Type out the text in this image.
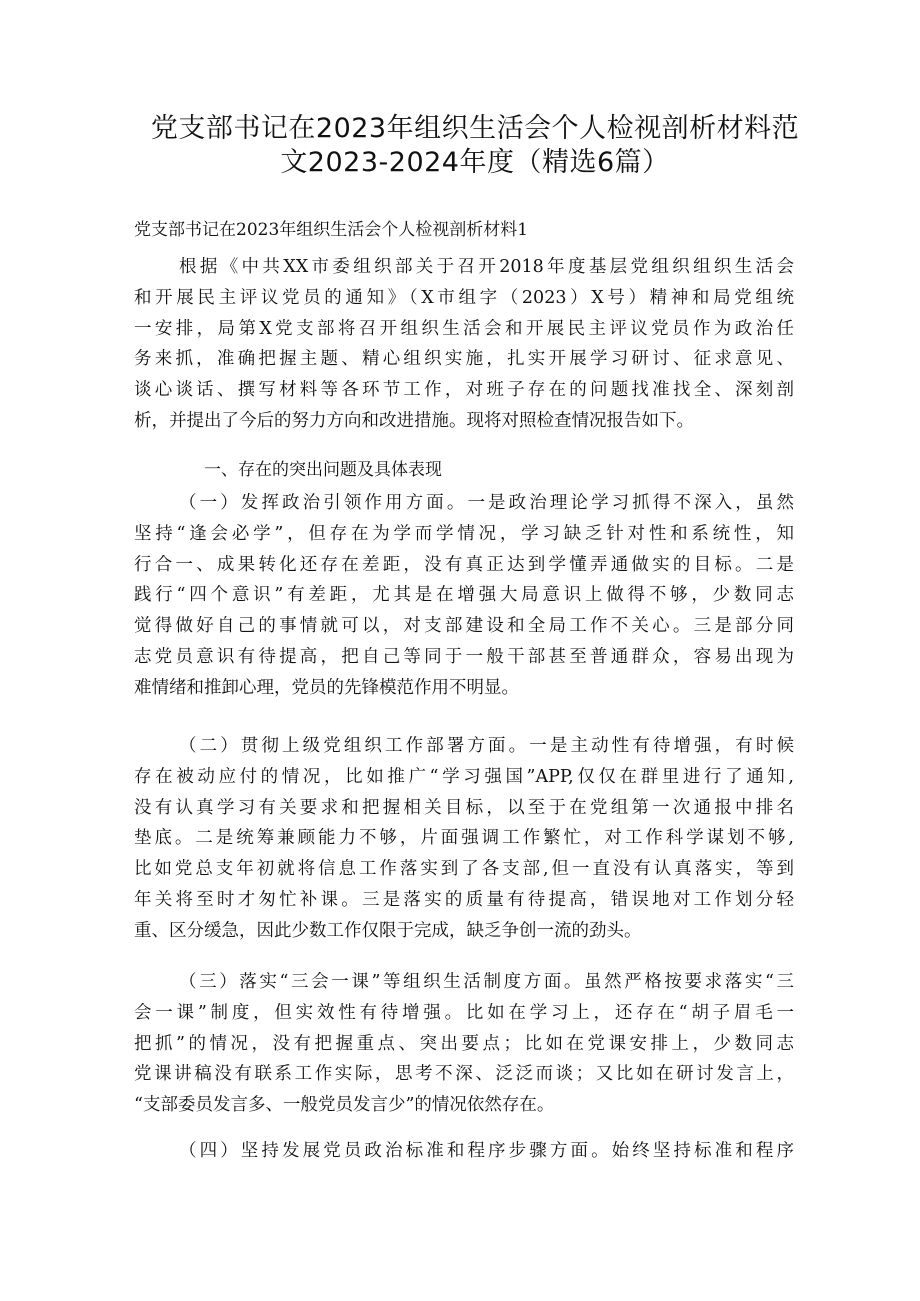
党支部书记在2023年组织生活会个人检视剖析材料范
文2023-2024年度（精选6篇）

党支部书记在2023年组织生活会个人检视剖析材料1

根据《中共XX市委组织部关于召开2018年度基层党组织组织生活会
和开展民主评议党员的通知》（X市组字（2023）X号）精神和局党组统
一安排，局第X党支部将召开组织生活会和开展民主评议党员作为政治任
务来抓，准确把握主题、精心组织实施，扎实开展学习研讨、征求意见、
谈心谈话、撰写材料等各环节工作，对班子存在的问题找准找全、深刻剖
析，并提出了今后的努力方向和改进措施。现将对照检查情况报告如下。

一、存在的突出问题及具体表现

（一）发挥政治引领作用方面。一是政治理论学习抓得不深入，虽然
坚持“逢会必学”，但存在为学而学情况，学习缺乏针对性和系统性，知
行合一、成果转化还存在差距，没有真正达到学懂弄通做实的目标。二是
践行“四个意识”有差距，尤其是在增强大局意识上做得不够，少数同志
觉得做好自己的事情就可以，对支部建设和全局工作不关心。三是部分同
志党员意识有待提高，把自己等同于一般干部甚至普通群众，容易出现为
难情绪和推卸心理，党员的先锋模范作用不明显。
（二）贯彻上级党组织工作部署方面。一是主动性有待增强，有时候
存在被动应付的情况，比如推广“学习强国”APP,仅仅在群里进行了通知,
没有认真学习有关要求和把握相关目标，以至于在党组第一次通报中排名
垫底。二是统筹兼顾能力不够，片面强调工作繁忙，对工作科学谋划不够,
比如党总支年初就将信息工作落实到了各支部,但一直没有认真落实，等到
年关将至时才匆忙补课。三是落实的质量有待提高，错误地对工作划分轻
重、区分缓急，因此少数工作仅限于完成，缺乏争创一流的劲头。
（三）落实“三会一课”等组织生活制度方面。虽然严格按要求落实“三
会一课”制度，但实效性有待增强。比如在学习上，还存在“胡子眉毛一
把抓”的情况，没有把握重点、突出要点；比如在党课安排上，少数同志
党课讲稿没有联系工作实际，思考不深、泛泛而谈；又比如在研讨发言上，
“支部委员发言多、一般党员发言少”的情况依然存在。
（四）坚持发展党员政治标准和程序步骤方面。始终坚持标准和程序
